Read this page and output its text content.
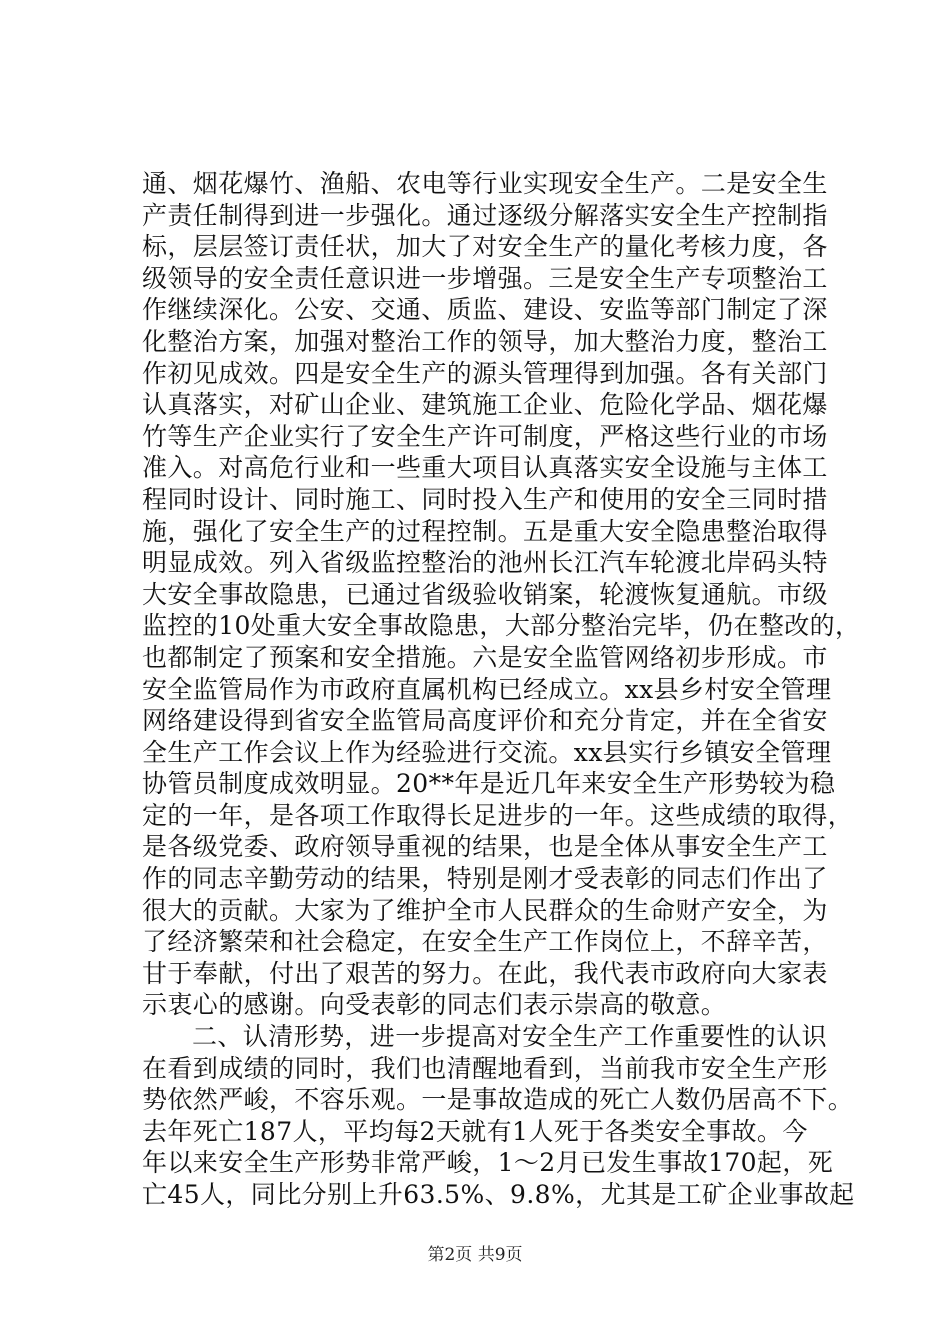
通、烟花爆竹、渔船、农电等行业实现安全生产。二是安全生
产责任制得到进一步强化。通过逐级分解落实安全生产控制指
标，层层签订责任状，加大了对安全生产的量化考核力度，各
级领导的安全责任意识进一步增强。三是安全生产专项整治工
作继续深化。公安、交通、质监、建设、安监等部门制定了深
化整治方案，加强对整治工作的领导，加大整治力度，整治工
作初见成效。四是安全生产的源头管理得到加强。各有关部门
认真落实，对矿山企业、建筑施工企业、危险化学品、烟花爆
竹等生产企业实行了安全生产许可制度，严格这些行业的市场
准入。对高危行业和一些重大项目认真落实安全设施与主体工
程同时设计、同时施工、同时投入生产和使用的安全三同时措
施，强化了安全生产的过程控制。五是重大安全隐患整治取得
明显成效。列入省级监控整治的池州长江汽车轮渡北岸码头特
大安全事故隐患，已通过省级验收销案，轮渡恢复通航。市级
监控的10处重大安全事故隐患，大部分整治完毕，仍在整改的，
也都制定了预案和安全措施。六是安全监管网络初步形成。市
安全监管局作为市政府直属机构已经成立。xx县乡村安全管理
网络建设得到省安全监管局高度评价和充分肯定，并在全省安
全生产工作会议上作为经验进行交流。xx县实行乡镇安全管理
协管员制度成效明显。20**年是近几年来安全生产形势较为稳
定的一年，是各项工作取得长足进步的一年。这些成绩的取得，
是各级党委、政府领导重视的结果，也是全体从事安全生产工
作的同志辛勤劳动的结果，特别是刚才受表彰的同志们作出了
很大的贡献。大家为了维护全市人民群众的生命财产安全，为
了经济繁荣和社会稳定，在安全生产工作岗位上，不辞辛苦，
甘于奉献，付出了艰苦的努力。在此，我代表市政府向大家表
示衷心的感谢。向受表彰的同志们表示崇高的敬意。
二、认清形势，进一步提高对安全生产工作重要性的认识
在看到成绩的同时，我们也清醒地看到，当前我市安全生产形
势依然严峻，不容乐观。一是事故造成的死亡人数仍居高不下。
去年死亡187人，平均每2天就有1人死于各类安全事故。今
年以来安全生产形势非常严峻，1～2月已发生事故170起，死
亡45人，同比分别上升63.5%、9.8%，尤其是工矿企业事故起
第2页 共9页
